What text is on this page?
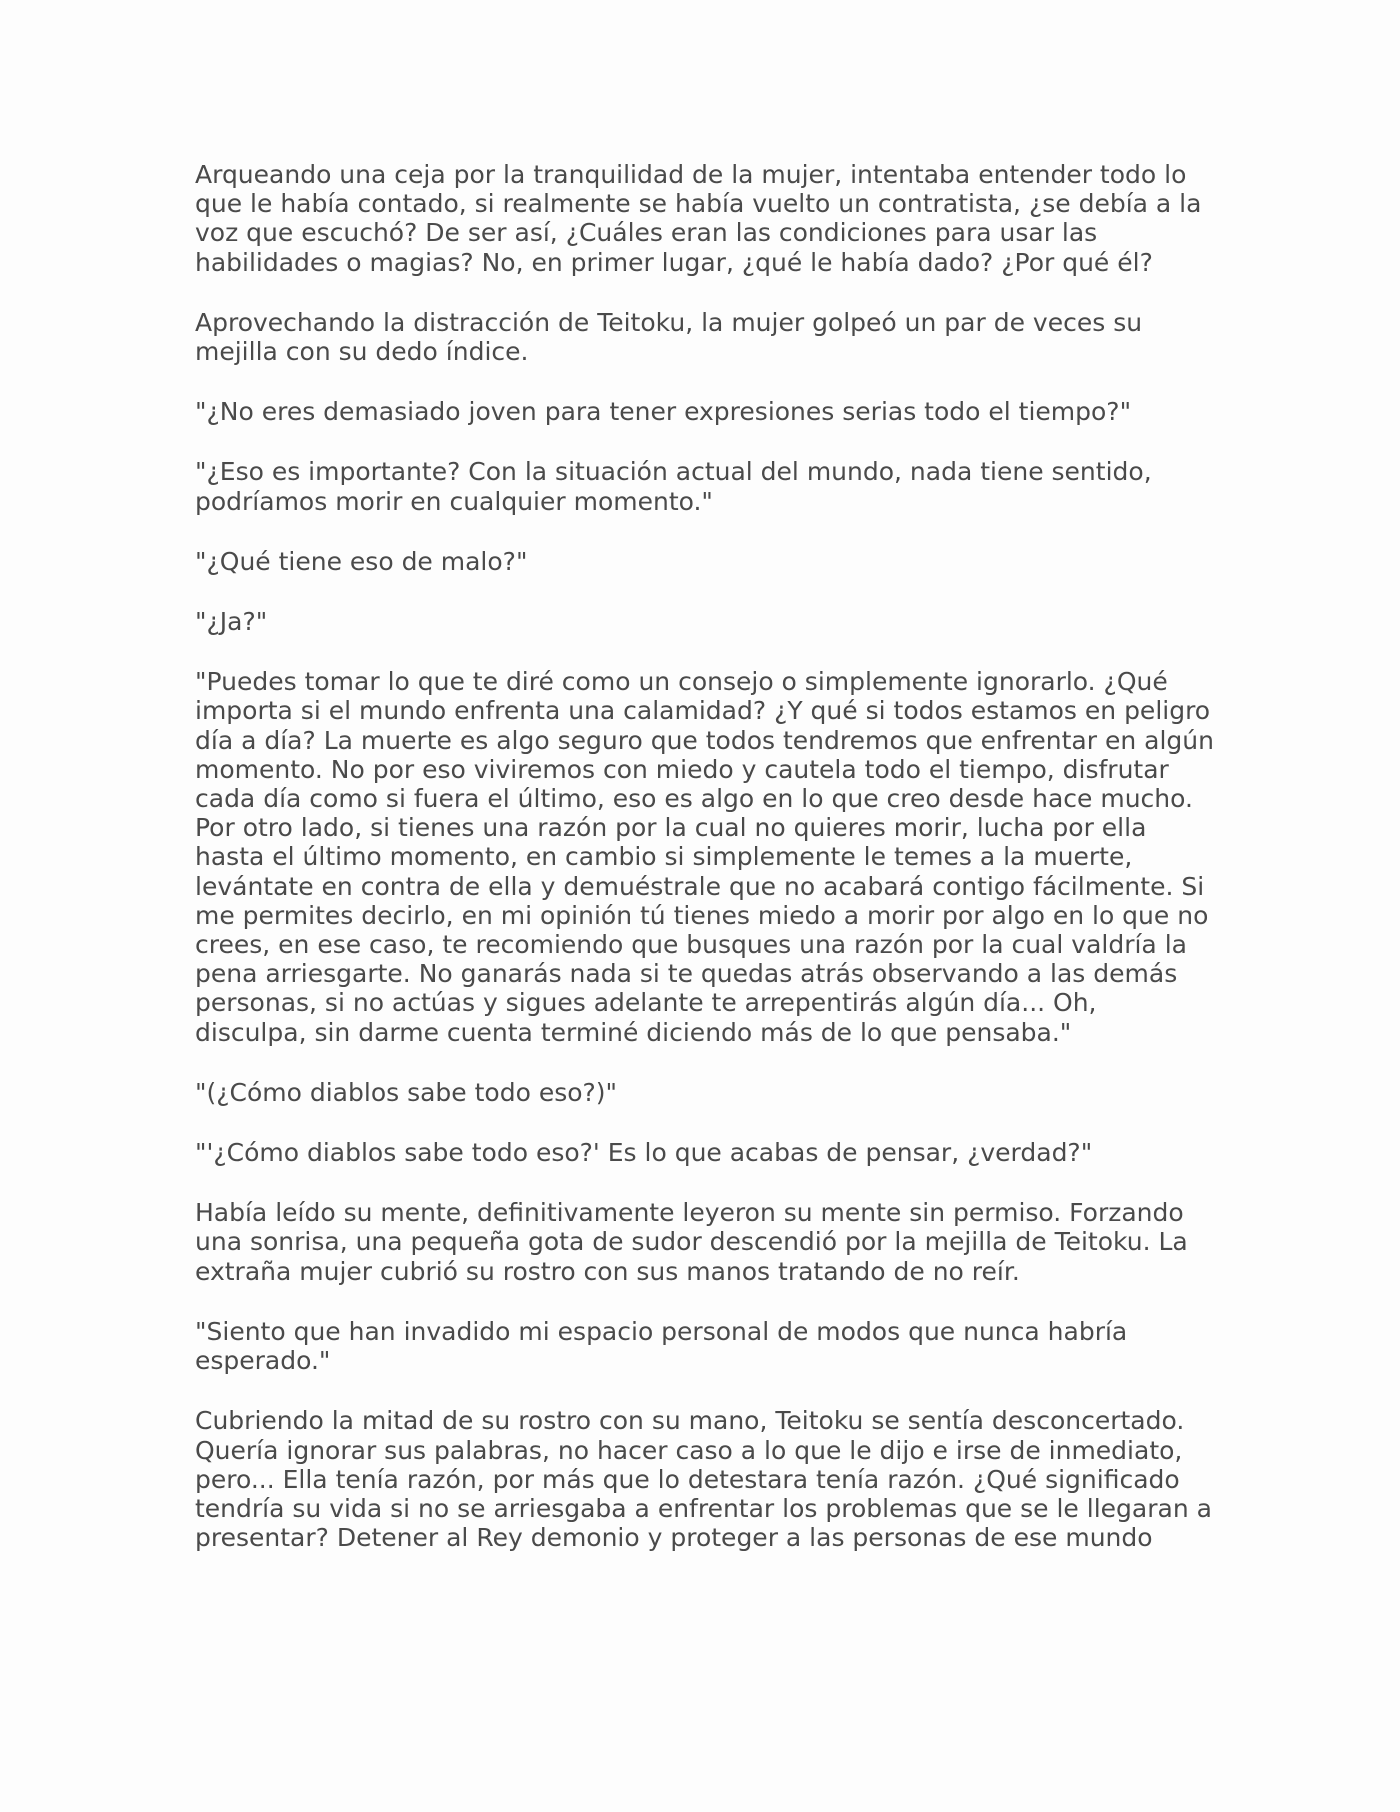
Arqueando una ceja por la tranquilidad de la mujer, intentaba entender todo lo que le había contado, si realmente se había vuelto un contratista, ¿se debía a la voz que escuchó? De ser así, ¿Cuáles eran las condiciones para usar las habilidades o magias? No, en primer lugar, ¿qué le había dado? ¿Por qué él?

Aprovechando la distracción de Teitoku, la mujer golpeó un par de veces su mejilla con su dedo índice.

"¿No eres demasiado joven para tener expresiones serias todo el tiempo?"

"¿Eso es importante? Con la situación actual del mundo, nada tiene sentido, podríamos morir en cualquier momento."

"¿Qué tiene eso de malo?"

"¿Ja?"

"Puedes tomar lo que te diré como un consejo o simplemente ignorarlo. ¿Qué importa si el mundo enfrenta una calamidad? ¿Y qué si todos estamos en peligro día a día? La muerte es algo seguro que todos tendremos que enfrentar en algún momento. No por eso viviremos con miedo y cautela todo el tiempo, disfrutar cada día como si fuera el último, eso es algo en lo que creo desde hace mucho. Por otro lado, si tienes una razón por la cual no quieres morir, lucha por ella hasta el último momento, en cambio si simplemente le temes a la muerte, levántate en contra de ella y demuéstrale que no acabará contigo fácilmente. Si me permites decirlo, en mi opinión tú tienes miedo a morir por algo en lo que no crees, en ese caso, te recomiendo que busques una razón por la cual valdría la pena arriesgarte. No ganarás nada si te quedas atrás observando a las demás personas, si no actúas y sigues adelante te arrepentirás algún día... Oh, disculpa, sin darme cuenta terminé diciendo más de lo que pensaba."

"(¿Cómo diablos sabe todo eso?)"

"'¿Cómo diablos sabe todo eso?' Es lo que acabas de pensar, ¿verdad?"

Había leído su mente, definitivamente leyeron su mente sin permiso. Forzando una sonrisa, una pequeña gota de sudor descendió por la mejilla de Teitoku. La extraña mujer cubrió su rostro con sus manos tratando de no reír.

"Siento que han invadido mi espacio personal de modos que nunca habría esperado."

Cubriendo la mitad de su rostro con su mano, Teitoku se sentía desconcertado. Quería ignorar sus palabras, no hacer caso a lo que le dijo e irse de inmediato, pero... Ella tenía razón, por más que lo detestara tenía razón. ¿Qué significado tendría su vida si no se arriesgaba a enfrentar los problemas que se le llegaran a presentar? Detener al Rey demonio y proteger a las personas de ese mundo
